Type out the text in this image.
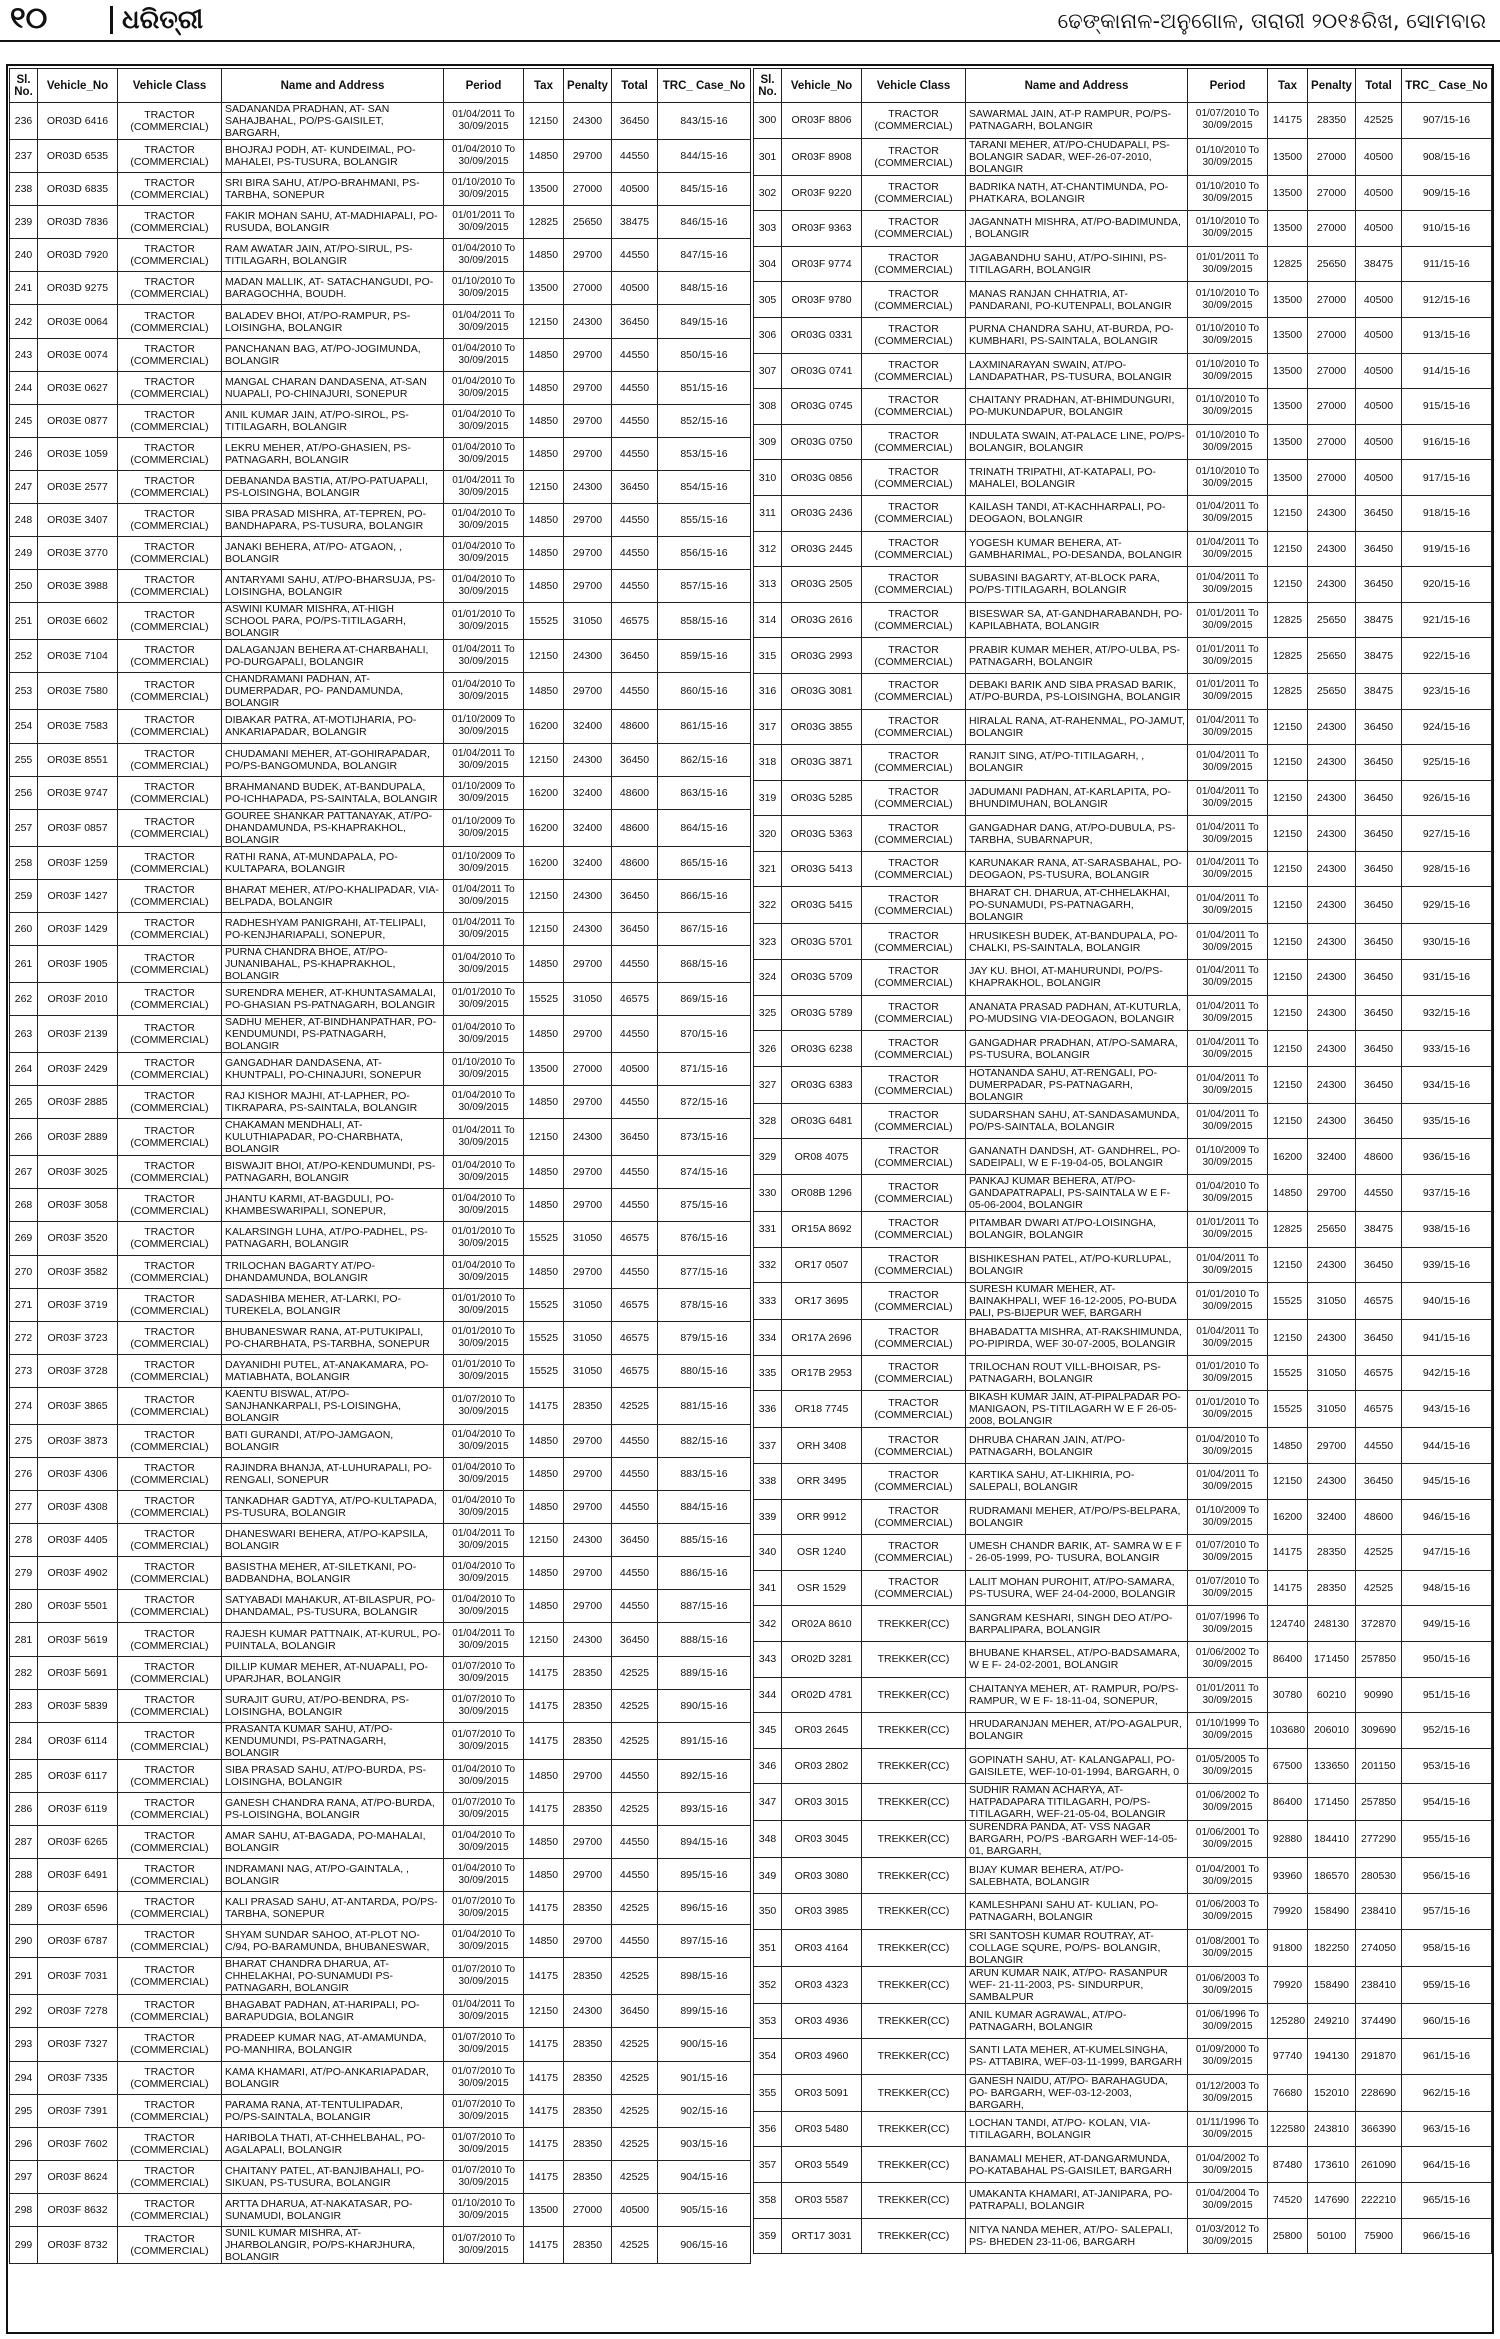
୧୦	ଧରିତ୍ରୀ	ଢେଙ୍କାନାଳ-ଅନୁଗୋଳ, ତାରାରୀ ୨୦୧୫ରିଖ, ସୋମବାର
Sl. No.	Vehicle_No	Vehicle Class	Name and Address	Period	Tax	Penalty	Total	TRC_ Case_No
236	OR03D 6416	TRACTOR (COMMERCIAL)	SADANANDA PRADHAN, AT- SAN SAHAJBAHAL, PO/PS-GAISILET, BARGARH,	01/04/2011 To 30/09/2015	12150	24300	36450	843/15-16
237	OR03D 6535	TRACTOR (COMMERCIAL)	BHOJRAJ PODH, AT- KUNDEIMAL, PO-MAHALEI, PS-TUSURA, BOLANGIR	01/04/2010 To 30/09/2015	14850	29700	44550	844/15-16
238	OR03D 6835	TRACTOR (COMMERCIAL)	SRI BIRA SAHU, AT/PO-BRAHMANI, PS-TARBHA, SONEPUR	01/10/2010 To 30/09/2015	13500	27000	40500	845/15-16
239	OR03D 7836	TRACTOR (COMMERCIAL)	FAKIR MOHAN SAHU, AT-MADHIAPALI, PO-RUSUDA, BOLANGIR	01/01/2011 To 30/09/2015	12825	25650	38475	846/15-16
240	OR03D 7920	TRACTOR (COMMERCIAL)	RAM AWATAR JAIN, AT/PO-SIRUL, PS-TITILAGARH, BOLANGIR	01/04/2010 To 30/09/2015	14850	29700	44550	847/15-16
241	OR03D 9275	TRACTOR (COMMERCIAL)	MADAN MALLIK, AT- SATACHANGUDI, PO- BARAGOCHHA, BOUDH.	01/10/2010 To 30/09/2015	13500	27000	40500	848/15-16
242	OR03E 0064	TRACTOR (COMMERCIAL)	BALADEV BHOI, AT/PO-RAMPUR, PS-LOISINGHA, BOLANGIR	01/04/2011 To 30/09/2015	12150	24300	36450	849/15-16
243	OR03E 0074	TRACTOR (COMMERCIAL)	PANCHANAN BAG, AT/PO-JOGIMUNDA, BOLANGIR	01/04/2010 To 30/09/2015	14850	29700	44550	850/15-16
244	OR03E 0627	TRACTOR (COMMERCIAL)	MANGAL CHARAN DANDASENA, AT-SAN NUAPALI, PO-CHINAJURI, SONEPUR	01/04/2010 To 30/09/2015	14850	29700	44550	851/15-16
245	OR03E 0877	TRACTOR (COMMERCIAL)	ANIL KUMAR JAIN, AT/PO-SIROL, PS-TITILAGARH, BOLANGIR	01/04/2010 To 30/09/2015	14850	29700	44550	852/15-16
246	OR03E 1059	TRACTOR (COMMERCIAL)	LEKRU MEHER, AT/PO-GHASIEN, PS-PATNAGARH, BOLANGIR	01/04/2010 To 30/09/2015	14850	29700	44550	853/15-16
247	OR03E 2577	TRACTOR (COMMERCIAL)	DEBANANDA BASTIA, AT/PO-PATUAPALI, PS-LOISINGHA, BOLANGIR	01/04/2011 To 30/09/2015	12150	24300	36450	854/15-16
248	OR03E 3407	TRACTOR (COMMERCIAL)	SIBA PRASAD MISHRA, AT-TEPREN, PO-BANDHAPARA, PS-TUSURA, BOLANGIR	01/04/2010 To 30/09/2015	14850	29700	44550	855/15-16
249	OR03E 3770	TRACTOR (COMMERCIAL)	JANAKI BEHERA, AT/PO- ATGAON, , BOLANGIR	01/04/2010 To 30/09/2015	14850	29700	44550	856/15-16
250	OR03E 3988	TRACTOR (COMMERCIAL)	ANTARYAMI SAHU, AT/PO-BHARSUJA, PS-LOISINGHA, BOLANGIR	01/04/2010 To 30/09/2015	14850	29700	44550	857/15-16
251	OR03E 6602	TRACTOR (COMMERCIAL)	ASWINI KUMAR MISHRA, AT-HIGH SCHOOL PARA, PO/PS-TITILAGARH, BOLANGIR	01/01/2010 To 30/09/2015	15525	31050	46575	858/15-16
252	OR03E 7104	TRACTOR (COMMERCIAL)	DALAGANJAN BEHERA AT-CHARBAHALI, PO-DURGAPALI, BOLANGIR	01/04/2011 To 30/09/2015	12150	24300	36450	859/15-16
253	OR03E 7580	TRACTOR (COMMERCIAL)	CHANDRAMANI PADHAN, AT-DUMERPADAR, PO- PANDAMUNDA, BOLANGIR	01/04/2010 To 30/09/2015	14850	29700	44550	860/15-16
254	OR03E 7583	TRACTOR (COMMERCIAL)	DIBAKAR PATRA, AT-MOTIJHARIA, PO-ANKARIAPADAR, BOLANGIR	01/10/2009 To 30/09/2015	16200	32400	48600	861/15-16
255	OR03E 8551	TRACTOR (COMMERCIAL)	CHUDAMANI MEHER, AT-GOHIRAPADAR, PO/PS-BANGOMUNDA, BOLANGIR	01/04/2011 To 30/09/2015	12150	24300	36450	862/15-16
256	OR03E 9747	TRACTOR (COMMERCIAL)	BRAHMANAND BUDEK, AT-BANDUPALA, PO-ICHHAPADA, PS-SAINTALA, BOLANGIR	01/10/2009 To 30/09/2015	16200	32400	48600	863/15-16
257	OR03F 0857	TRACTOR (COMMERCIAL)	GOUREE SHANKAR PATTANAYAK, AT/PO-DHANDAMUNDA, PS-KHAPRAKHOL, BOLANGIR	01/10/2009 To 30/09/2015	16200	32400	48600	864/15-16
258	OR03F 1259	TRACTOR (COMMERCIAL)	RATHI RANA, AT-MUNDAPALA, PO-KULTAPARA, BOLANGIR	01/10/2009 To 30/09/2015	16200	32400	48600	865/15-16
259	OR03F 1427	TRACTOR (COMMERCIAL)	BHARAT MEHER, AT/PO-KHALIPADAR, VIA-BELPADA, BOLANGIR	01/04/2011 To 30/09/2015	12150	24300	36450	866/15-16
260	OR03F 1429	TRACTOR (COMMERCIAL)	RADHESHYAM PANIGRAHI, AT-TELIPALI, PO-KENJHARIAPALI, SONEPUR,	01/04/2011 To 30/09/2015	12150	24300	36450	867/15-16
261	OR03F 1905	TRACTOR (COMMERCIAL)	PURNA CHANDRA BHOE, AT/PO-JUNANIBAHAL, PS-KHAPRAKHOL, BOLANGIR	01/04/2010 To 30/09/2015	14850	29700	44550	868/15-16
262	OR03F 2010	TRACTOR (COMMERCIAL)	SURENDRA MEHER, AT-KHUNTASAMALAI, PO-GHASIAN PS-PATNAGARH, BOLANGIR	01/01/2010 To 30/09/2015	15525	31050	46575	869/15-16
263	OR03F 2139	TRACTOR (COMMERCIAL)	SADHU MEHER, AT-BINDHANPATHAR, PO-KENDUMUNDI, PS-PATNAGARH, BOLANGIR	01/04/2010 To 30/09/2015	14850	29700	44550	870/15-16
264	OR03F 2429	TRACTOR (COMMERCIAL)	GANGADHAR DANDASENA, AT-KHUNTPALI, PO-CHINAJURI, SONEPUR	01/10/2010 To 30/09/2015	13500	27000	40500	871/15-16
265	OR03F 2885	TRACTOR (COMMERCIAL)	RAJ KISHOR MAJHI, AT-LAPHER, PO-TIKRAPARA, PS-SAINTALA, BOLANGIR	01/04/2010 To 30/09/2015	14850	29700	44550	872/15-16
266	OR03F 2889	TRACTOR (COMMERCIAL)	CHAKAMAN MENDHALI, AT-KULUTHIAPADAR, PO-CHARBHATA, BOLANGIR	01/04/2011 To 30/09/2015	12150	24300	36450	873/15-16
267	OR03F 3025	TRACTOR (COMMERCIAL)	BISWAJIT BHOI, AT/PO-KENDUMUNDI, PS-PATNAGARH, BOLANGIR	01/04/2010 To 30/09/2015	14850	29700	44550	874/15-16
268	OR03F 3058	TRACTOR (COMMERCIAL)	JHANTU KARMI, AT-BAGDULI, PO-KHAMBESWARIPALI, SONEPUR,	01/04/2010 To 30/09/2015	14850	29700	44550	875/15-16
269	OR03F 3520	TRACTOR (COMMERCIAL)	KALARSINGH LUHA, AT/PO-PADHEL, PS-PATNAGARH, BOLANGIR	01/01/2010 To 30/09/2015	15525	31050	46575	876/15-16
270	OR03F 3582	TRACTOR (COMMERCIAL)	TRILOCHAN BAGARTY AT/PO-DHANDAMUNDA, BOLANGIR	01/04/2010 To 30/09/2015	14850	29700	44550	877/15-16
271	OR03F 3719	TRACTOR (COMMERCIAL)	SADASHIBA MEHER, AT-LARKI, PO-TUREKELA, BOLANGIR	01/01/2010 To 30/09/2015	15525	31050	46575	878/15-16
272	OR03F 3723	TRACTOR (COMMERCIAL)	BHUBANESWAR RANA, AT-PUTUKIPALI, PO-CHARBHATA, PS-TARBHA, SONEPUR	01/01/2010 To 30/09/2015	15525	31050	46575	879/15-16
273	OR03F 3728	TRACTOR (COMMERCIAL)	DAYANIDHI PUTEL, AT-ANAKAMARA, PO-MATIABHATA, BOLANGIR	01/01/2010 To 30/09/2015	15525	31050	46575	880/15-16
274	OR03F 3865	TRACTOR (COMMERCIAL)	KAENTU BISWAL, AT/PO-SANJHANKARPALI, PS-LOISINGHA, BOLANGIR	01/07/2010 To 30/09/2015	14175	28350	42525	881/15-16
275	OR03F 3873	TRACTOR (COMMERCIAL)	BATI GURANDI, AT/PO-JAMGAON, BOLANGIR	01/04/2010 To 30/09/2015	14850	29700	44550	882/15-16
276	OR03F 4306	TRACTOR (COMMERCIAL)	RAJINDRA BHANJA, AT-LUHURAPALI, PO-RENGALI, SONEPUR	01/04/2010 To 30/09/2015	14850	29700	44550	883/15-16
277	OR03F 4308	TRACTOR (COMMERCIAL)	TANKADHAR GADTYA, AT/PO-KULTAPADA, PS-TUSURA, BOLANGIR	01/04/2010 To 30/09/2015	14850	29700	44550	884/15-16
278	OR03F 4405	TRACTOR (COMMERCIAL)	DHANESWARI BEHERA, AT/PO-KAPSILA, BOLANGIR	01/04/2011 To 30/09/2015	12150	24300	36450	885/15-16
279	OR03F 4902	TRACTOR (COMMERCIAL)	BASISTHA MEHER, AT-SILETKANI, PO-BADBANDHA, BOLANGIR	01/04/2010 To 30/09/2015	14850	29700	44550	886/15-16
280	OR03F 5501	TRACTOR (COMMERCIAL)	SATYABADI MAHAKUR, AT-BILASPUR, PO-DHANDAMAL, PS-TUSURA, BOLANGIR	01/04/2010 To 30/09/2015	14850	29700	44550	887/15-16
281	OR03F 5619	TRACTOR (COMMERCIAL)	RAJESH KUMAR PATTNAIK, AT-KURUL, PO-PUINTALA, BOLANGIR	01/04/2011 To 30/09/2015	12150	24300	36450	888/15-16
282	OR03F 5691	TRACTOR (COMMERCIAL)	DILLIP KUMAR MEHER, AT-NUAPALI, PO-UPARJHAR, BOLANGIR	01/07/2010 To 30/09/2015	14175	28350	42525	889/15-16
283	OR03F 5839	TRACTOR (COMMERCIAL)	SURAJIT GURU, AT/PO-BENDRA, PS-LOISINGHA, BOLANGIR	01/07/2010 To 30/09/2015	14175	28350	42525	890/15-16
284	OR03F 6114	TRACTOR (COMMERCIAL)	PRASANTA KUMAR SAHU, AT/PO-KENDUMUNDI, PS-PATNAGARH, BOLANGIR	01/07/2010 To 30/09/2015	14175	28350	42525	891/15-16
285	OR03F 6117	TRACTOR (COMMERCIAL)	SIBA PRASAD SAHU, AT/PO-BURDA, PS-LOISINGHA, BOLANGIR	01/04/2010 To 30/09/2015	14850	29700	44550	892/15-16
286	OR03F 6119	TRACTOR (COMMERCIAL)	GANESH CHANDRA RANA, AT/PO-BURDA, PS-LOISINGHA, BOLANGIR	01/07/2010 To 30/09/2015	14175	28350	42525	893/15-16
287	OR03F 6265	TRACTOR (COMMERCIAL)	AMAR SAHU, AT-BAGADA, PO-MAHALAI, BOLANGIR	01/04/2010 To 30/09/2015	14850	29700	44550	894/15-16
288	OR03F 6491	TRACTOR (COMMERCIAL)	INDRAMANI NAG, AT/PO-GAINTALA, , BOLANGIR	01/04/2010 To 30/09/2015	14850	29700	44550	895/15-16
289	OR03F 6596	TRACTOR (COMMERCIAL)	KALI PRASAD SAHU, AT-ANTARDA, PO/PS-TARBHA, SONEPUR	01/07/2010 To 30/09/2015	14175	28350	42525	896/15-16
290	OR03F 6787	TRACTOR (COMMERCIAL)	SHYAM SUNDAR SAHOO, AT-PLOT NO-C/94, PO-BARAMUNDA, BHUBANESWAR,	01/04/2010 To 30/09/2015	14850	29700	44550	897/15-16
291	OR03F 7031	TRACTOR (COMMERCIAL)	BHARAT CHANDRA DHARUA, AT-CHHELAKHAI, PO-SUNAMUDI PS-PATNAGARH, BOLANGIR	01/07/2010 To 30/09/2015	14175	28350	42525	898/15-16
292	OR03F 7278	TRACTOR (COMMERCIAL)	BHAGABAT PADHAN, AT-HARIPALI, PO-BARAPUDGIA, BOLANGIR	01/04/2011 To 30/09/2015	12150	24300	36450	899/15-16
293	OR03F 7327	TRACTOR (COMMERCIAL)	PRADEEP KUMAR NAG, AT-AMAMUNDA, PO-MANHIRA, BOLANGIR	01/07/2010 To 30/09/2015	14175	28350	42525	900/15-16
294	OR03F 7335	TRACTOR (COMMERCIAL)	KAMA KHAMARI, AT/PO-ANKARIAPADAR, BOLANGIR	01/07/2010 To 30/09/2015	14175	28350	42525	901/15-16
295	OR03F 7391	TRACTOR (COMMERCIAL)	PARAMA RANA, AT-TENTULIPADAR, PO/PS-SAINTALA, BOLANGIR	01/07/2010 To 30/09/2015	14175	28350	42525	902/15-16
296	OR03F 7602	TRACTOR (COMMERCIAL)	HARIBOLA THATI, AT-CHHELBAHAL, PO-AGALAPALI, BOLANGIR	01/07/2010 To 30/09/2015	14175	28350	42525	903/15-16
297	OR03F 8624	TRACTOR (COMMERCIAL)	CHAITANY PATEL, AT-BANJIBAHALI, PO-SIKUAN, PS-TUSURA, BOLANGIR	01/07/2010 To 30/09/2015	14175	28350	42525	904/15-16
298	OR03F 8632	TRACTOR (COMMERCIAL)	ARTTA DHARUA, AT-NAKATASAR, PO-SUNAMUDI, BOLANGIR	01/10/2010 To 30/09/2015	13500	27000	40500	905/15-16
299	OR03F 8732	TRACTOR (COMMERCIAL)	SUNIL KUMAR MISHRA, AT-JHARBOLANGIR, PO/PS-KHARJHURA, BOLANGIR	01/07/2010 To 30/09/2015	14175	28350	42525	906/15-16
Sl. No.	Vehicle_No	Vehicle Class	Name and Address	Period	Tax	Penalty	Total	TRC_ Case_No
300	OR03F 8806	TRACTOR (COMMERCIAL)	SAWARMAL JAIN, AT-P RAMPUR, PO/PS-PATNAGARH, BOLANGIR	01/07/2010 To 30/09/2015	14175	28350	42525	907/15-16
301	OR03F 8908	TRACTOR (COMMERCIAL)	TARANI MEHER, AT/PO-CHUDAPALI, PS-BOLANGIR SADAR, WEF-26-07-2010, BOLANGIR	01/10/2010 To 30/09/2015	13500	27000	40500	908/15-16
302	OR03F 9220	TRACTOR (COMMERCIAL)	BADRIKA NATH, AT-CHANTIMUNDA, PO-PHATKARA, BOLANGIR	01/10/2010 To 30/09/2015	13500	27000	40500	909/15-16
303	OR03F 9363	TRACTOR (COMMERCIAL)	JAGANNATH MISHRA, AT/PO-BADIMUNDA, , BOLANGIR	01/10/2010 To 30/09/2015	13500	27000	40500	910/15-16
304	OR03F 9774	TRACTOR (COMMERCIAL)	JAGABANDHU SAHU, AT/PO-SIHINI, PS-TITILAGARH, BOLANGIR	01/01/2011 To 30/09/2015	12825	25650	38475	911/15-16
305	OR03F 9780	TRACTOR (COMMERCIAL)	MANAS RANJAN CHHATRIA, AT-PANDARANI, PO-KUTENPALI, BOLANGIR	01/10/2010 To 30/09/2015	13500	27000	40500	912/15-16
306	OR03G 0331	TRACTOR (COMMERCIAL)	PURNA CHANDRA SAHU, AT-BURDA, PO-KUMBHARI, PS-SAINTALA, BOLANGIR	01/10/2010 To 30/09/2015	13500	27000	40500	913/15-16
307	OR03G 0741	TRACTOR (COMMERCIAL)	LAXMINARAYAN SWAIN, AT/PO-LANDAPATHAR, PS-TUSURA, BOLANGIR	01/10/2010 To 30/09/2015	13500	27000	40500	914/15-16
308	OR03G 0745	TRACTOR (COMMERCIAL)	CHAITANY PRADHAN, AT-BHIMDUNGURI, PO-MUKUNDAPUR, BOLANGIR	01/10/2010 To 30/09/2015	13500	27000	40500	915/15-16
309	OR03G 0750	TRACTOR (COMMERCIAL)	INDULATA SWAIN, AT-PALACE LINE, PO/PS-BOLANGIR, BOLANGIR	01/10/2010 To 30/09/2015	13500	27000	40500	916/15-16
310	OR03G 0856	TRACTOR (COMMERCIAL)	TRINATH TRIPATHI, AT-KATAPALI, PO-MAHALEI, BOLANGIR	01/10/2010 To 30/09/2015	13500	27000	40500	917/15-16
311	OR03G 2436	TRACTOR (COMMERCIAL)	KAILASH TANDI, AT-KACHHARPALI, PO-DEOGAON, BOLANGIR	01/04/2011 To 30/09/2015	12150	24300	36450	918/15-16
312	OR03G 2445	TRACTOR (COMMERCIAL)	YOGESH KUMAR BEHERA, AT-GAMBHARIMAL, PO-DESANDA, BOLANGIR	01/04/2011 To 30/09/2015	12150	24300	36450	919/15-16
313	OR03G 2505	TRACTOR (COMMERCIAL)	SUBASINI BAGARTY, AT-BLOCK PARA, PO/PS-TITILAGARH, BOLANGIR	01/04/2011 To 30/09/2015	12150	24300	36450	920/15-16
314	OR03G 2616	TRACTOR (COMMERCIAL)	BISESWAR SA, AT-GANDHARABANDH, PO-KAPILABHATA, BOLANGIR	01/01/2011 To 30/09/2015	12825	25650	38475	921/15-16
315	OR03G 2993	TRACTOR (COMMERCIAL)	PRABIR KUMAR MEHER, AT/PO-ULBA, PS-PATNAGARH, BOLANGIR	01/01/2011 To 30/09/2015	12825	25650	38475	922/15-16
316	OR03G 3081	TRACTOR (COMMERCIAL)	DEBAKI BARIK AND SIBA PRASAD BARIK, AT/PO-BURDA, PS-LOISINGHA, BOLANGIR	01/01/2011 To 30/09/2015	12825	25650	38475	923/15-16
317	OR03G 3855	TRACTOR (COMMERCIAL)	HIRALAL RANA, AT-RAHENMAL, PO-JAMUT, BOLANGIR	01/04/2011 To 30/09/2015	12150	24300	36450	924/15-16
318	OR03G 3871	TRACTOR (COMMERCIAL)	RANJIT SING, AT/PO-TITILAGARH, , BOLANGIR	01/04/2011 To 30/09/2015	12150	24300	36450	925/15-16
319	OR03G 5285	TRACTOR (COMMERCIAL)	JADUMANI PADHAN, AT-KARLAPITA, PO-BHUNDIMUHAN, BOLANGIR	01/04/2011 To 30/09/2015	12150	24300	36450	926/15-16
320	OR03G 5363	TRACTOR (COMMERCIAL)	GANGADHAR DANG, AT/PO-DUBULA, PS-TARBHA, SUBARNAPUR,	01/04/2011 To 30/09/2015	12150	24300	36450	927/15-16
321	OR03G 5413	TRACTOR (COMMERCIAL)	KARUNAKAR RANA, AT-SARASBAHAL, PO-DEOGAON, PS-TUSURA, BOLANGIR	01/04/2011 To 30/09/2015	12150	24300	36450	928/15-16
322	OR03G 5415	TRACTOR (COMMERCIAL)	BHARAT CH. DHARUA, AT-CHHELAKHAI, PO-SUNAMUDI, PS-PATNAGARH, BOLANGIR	01/04/2011 To 30/09/2015	12150	24300	36450	929/15-16
323	OR03G 5701	TRACTOR (COMMERCIAL)	HRUSIKESH BUDEK, AT-BANDUPALA, PO-CHALKI, PS-SAINTALA, BOLANGIR	01/04/2011 To 30/09/2015	12150	24300	36450	930/15-16
324	OR03G 5709	TRACTOR (COMMERCIAL)	JAY KU. BHOI, AT-MAHURUNDI, PO/PS-KHAPRAKHOL, BOLANGIR	01/04/2011 To 30/09/2015	12150	24300	36450	931/15-16
325	OR03G 5789	TRACTOR (COMMERCIAL)	ANANATA PRASAD PADHAN, AT-KUTURLA, PO-MUDSING VIA-DEOGAON, BOLANGIR	01/04/2011 To 30/09/2015	12150	24300	36450	932/15-16
326	OR03G 6238	TRACTOR (COMMERCIAL)	GANGADHAR PRADHAN, AT/PO-SAMARA, PS-TUSURA, BOLANGIR	01/04/2011 To 30/09/2015	12150	24300	36450	933/15-16
327	OR03G 6383	TRACTOR (COMMERCIAL)	HOTANANDA SAHU, AT-RENGALI, PO-DUMERPADAR, PS-PATNAGARH, BOLANGIR	01/04/2011 To 30/09/2015	12150	24300	36450	934/15-16
328	OR03G 6481	TRACTOR (COMMERCIAL)	SUDARSHAN SAHU, AT-SANDASAMUNDA, PO/PS-SAINTALA, BOLANGIR	01/04/2011 To 30/09/2015	12150	24300	36450	935/15-16
329	OR08 4075	TRACTOR (COMMERCIAL)	GANANATH DANDSH, AT- GANDHREL, PO- SADEIPALI, W E F-19-04-05, BOLANGIR	01/10/2009 To 30/09/2015	16200	32400	48600	936/15-16
330	OR08B 1296	TRACTOR (COMMERCIAL)	PANKAJ KUMAR BEHERA, AT/PO-GANDAPATRAPALI, PS-SAINTALA W E F- 05-06-2004, BOLANGIR	01/04/2010 To 30/09/2015	14850	29700	44550	937/15-16
331	OR15A 8692	TRACTOR (COMMERCIAL)	PITAMBAR DWARI AT/PO-LOISINGHA, BOLANGIR, BOLANGIR	01/01/2011 To 30/09/2015	12825	25650	38475	938/15-16
332	OR17 0507	TRACTOR (COMMERCIAL)	BISHIKESHAN PATEL, AT/PO-KURLUPAL, BOLANGIR	01/04/2011 To 30/09/2015	12150	24300	36450	939/15-16
333	OR17 3695	TRACTOR (COMMERCIAL)	SURESH KUMAR MEHER, AT-BAINAKHPALI, WEF 16-12-2005, PO-BUDA PALI, PS-BIJEPUR WEF, BARGARH	01/01/2010 To 30/09/2015	15525	31050	46575	940/15-16
334	OR17A 2696	TRACTOR (COMMERCIAL)	BHABADATTA MISHRA, AT-RAKSHIMUNDA, PO-PIPIRDA, WEF 30-07-2005, BOLANGIR	01/04/2011 To 30/09/2015	12150	24300	36450	941/15-16
335	OR17B 2953	TRACTOR (COMMERCIAL)	TRILOCHAN ROUT VILL-BHOISAR, PS-PATNAGARH, BOLANGIR	01/01/2010 To 30/09/2015	15525	31050	46575	942/15-16
336	OR18 7745	TRACTOR (COMMERCIAL)	BIKASH KUMAR JAIN, AT-PIPALPADAR PO-MANIGAON, PS-TITILAGARH W E F 26-05-2008, BOLANGIR	01/01/2010 To 30/09/2015	15525	31050	46575	943/15-16
337	ORH 3408	TRACTOR (COMMERCIAL)	DHRUBA CHARAN JAIN, AT/PO-PATNAGARH, BOLANGIR	01/04/2010 To 30/09/2015	14850	29700	44550	944/15-16
338	ORR 3495	TRACTOR (COMMERCIAL)	KARTIKA SAHU, AT-LIKHIRIA, PO-SALEPALI, BOLANGIR	01/04/2011 To 30/09/2015	12150	24300	36450	945/15-16
339	ORR 9912	TRACTOR (COMMERCIAL)	RUDRAMANI MEHER, AT/PO/PS-BELPARA, BOLANGIR	01/10/2009 To 30/09/2015	16200	32400	48600	946/15-16
340	OSR 1240	TRACTOR (COMMERCIAL)	UMESH CHANDR BARIK, AT- SAMRA W E F - 26-05-1999, PO- TUSURA, BOLANGIR	01/07/2010 To 30/09/2015	14175	28350	42525	947/15-16
341	OSR 1529	TRACTOR (COMMERCIAL)	LALIT MOHAN PUROHIT, AT/PO-SAMARA, PS-TUSURA, WEF 24-04-2000, BOLANGIR	01/07/2010 To 30/09/2015	14175	28350	42525	948/15-16
342	OR02A 8610	TREKKER(CC)	SANGRAM KESHARI, SINGH DEO AT/PO- BARPALIPARA, BOLANGIR	01/07/1996 To 30/09/2015	124740	248130	372870	949/15-16
343	OR02D 3281	TREKKER(CC)	BHUBANE KHARSEL, AT/PO-BADSAMARA, W E F- 24-02-2001, BOLANGIR	01/06/2002 To 30/09/2015	86400	171450	257850	950/15-16
344	OR02D 4781	TREKKER(CC)	CHAITANYA MEHER, AT- RAMPUR, PO/PS- RAMPUR, W E F- 18-11-04, SONEPUR,	01/01/2011 To 30/09/2015	30780	60210	90990	951/15-16
345	OR03 2645	TREKKER(CC)	HRUDARANJAN MEHER, AT/PO-AGALPUR, BOLANGIR	01/10/1999 To 30/09/2015	103680	206010	309690	952/15-16
346	OR03 2802	TREKKER(CC)	GOPINATH SAHU, AT- KALANGAPALI, PO- GAISILETE, WEF-10-01-1994, BARGARH, 0	01/05/2005 To 30/09/2015	67500	133650	201150	953/15-16
347	OR03 3015	TREKKER(CC)	SUDHIR RAMAN ACHARYA, AT-HATPADAPARA TITILAGARH, PO/PS-TITILAGARH, WEF-21-05-04, BOLANGIR	01/06/2002 To 30/09/2015	86400	171450	257850	954/15-16
348	OR03 3045	TREKKER(CC)	SURENDRA PANDA, AT- VSS NAGAR BARGARH, PO/PS -BARGARH WEF-14-05-01, BARGARH,	01/06/2001 To 30/09/2015	92880	184410	277290	955/15-16
349	OR03 3080	TREKKER(CC)	BIJAY KUMAR BEHERA, AT/PO-SALEBHATA, BOLANGIR	01/04/2001 To 30/09/2015	93960	186570	280530	956/15-16
350	OR03 3985	TREKKER(CC)	KAMLESHPANI SAHU AT- KULIAN, PO-PATNAGARH, BOLANGIR	01/06/2003 To 30/09/2015	79920	158490	238410	957/15-16
351	OR03 4164	TREKKER(CC)	SRI SANTOSH KUMAR ROUTRAY, AT-COLLAGE SQURE, PO/PS- BOLANGIR, BOLANGIR	01/08/2001 To 30/09/2015	91800	182250	274050	958/15-16
352	OR03 4323	TREKKER(CC)	ARUN KUMAR NAIK, AT/PO- RASANPUR WEF- 21-11-2003, PS- SINDURPUR, SAMBALPUR	01/06/2003 To 30/09/2015	79920	158490	238410	959/15-16
353	OR03 4936	TREKKER(CC)	ANIL KUMAR AGRAWAL, AT/PO-PATNAGARH, BOLANGIR	01/06/1996 To 30/09/2015	125280	249210	374490	960/15-16
354	OR03 4960	TREKKER(CC)	SANTI LATA MEHER, AT-KUMELSINGHA, PS- ATTABIRA, WEF-03-11-1999, BARGARH	01/09/2000 To 30/09/2015	97740	194130	291870	961/15-16
355	OR03 5091	TREKKER(CC)	GANESH NAIDU, AT/PO- BARAHAGUDA, PO- BARGARH, WEF-03-12-2003, BARGARH,	01/12/2003 To 30/09/2015	76680	152010	228690	962/15-16
356	OR03 5480	TREKKER(CC)	LOCHAN TANDI, AT/PO- KOLAN, VIA-TITILAGARH, BOLANGIR	01/11/1996 To 30/09/2015	122580	243810	366390	963/15-16
357	OR03 5549	TREKKER(CC)	BANAMALI MEHER, AT-DANGARMUNDA, PO-KATABAHAL PS-GAISILET, BARGARH	01/04/2002 To 30/09/2015	87480	173610	261090	964/15-16
358	OR03 5587	TREKKER(CC)	UMAKANTA KHAMARI, AT-JANIPARA, PO- PATRAPALI, BOLANGIR	01/04/2004 To 30/09/2015	74520	147690	222210	965/15-16
359	ORT17 3031	TREKKER(CC)	NITYA NANDA MEHER, AT/PO- SALEPALI, PS- BHEDEN 23-11-06, BARGARH	01/03/2012 To 30/09/2015	25800	50100	75900	966/15-16
